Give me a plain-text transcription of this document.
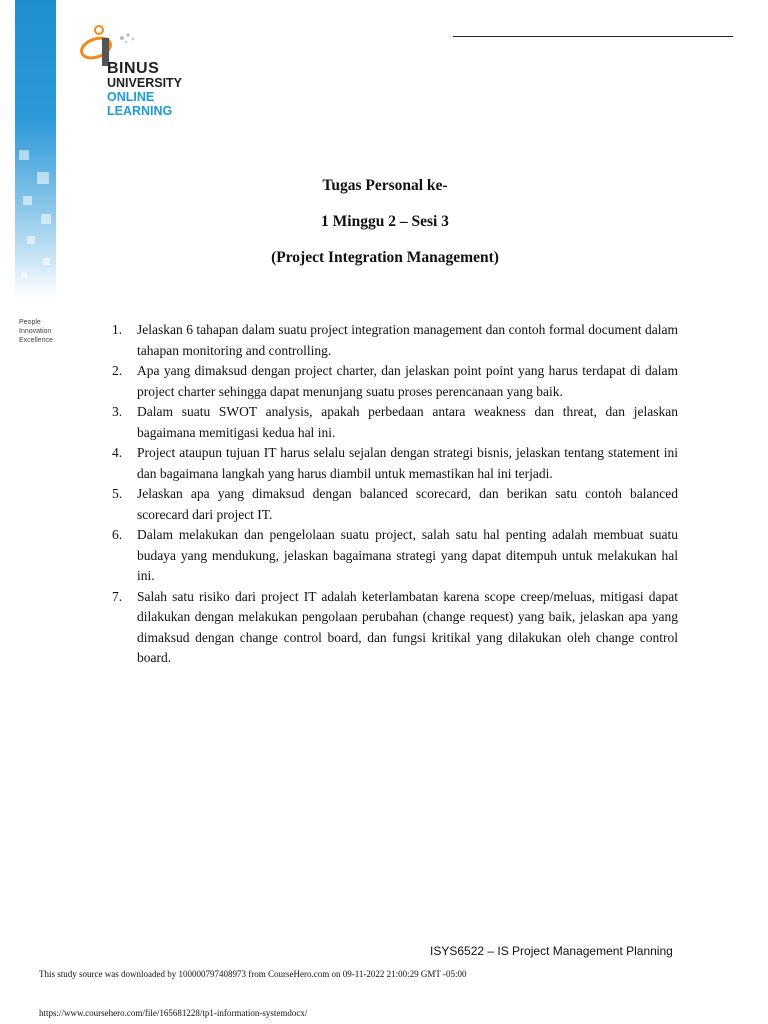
People
Innovation
Excellence
BINUS
UNIVERSITY
ONLINE
LEARNING
Tugas Personal ke-
1 Minggu 2 – Sesi 3
(Project Integration Management)
1. Jelaskan 6 tahapan dalam suatu project integration management dan contoh formal document dalam tahapan monitoring and controlling.
2. Apa yang dimaksud dengan project charter, dan jelaskan point point yang harus terdapat di dalam project charter sehingga dapat menunjang suatu proses perencanaan yang baik.
3. Dalam suatu SWOT analysis, apakah perbedaan antara weakness dan threat, dan jelaskan bagaimana memitigasi kedua hal ini.
4. Project ataupun tujuan IT harus selalu sejalan dengan strategi bisnis, jelaskan tentang statement ini dan bagaimana langkah yang harus diambil untuk memastikan hal ini terjadi.
5. Jelaskan apa yang dimaksud dengan balanced scorecard, dan berikan satu contoh balanced scorecard dari project IT.
6. Dalam melakukan dan pengelolaan suatu project, salah satu hal penting adalah membuat suatu budaya yang mendukung, jelaskan bagaimana strategi yang dapat ditempuh untuk melakukan hal ini.
7. Salah satu risiko dari project IT adalah keterlambatan karena scope creep/meluas, mitigasi dapat dilakukan dengan melakukan pengolaan perubahan (change request) yang baik, jelaskan apa yang dimaksud dengan change control board, dan fungsi kritikal yang dilakukan oleh change control board.
ISYS6522 – IS Project Management Planning
This study source was downloaded by 100000797408973 from CourseHero.com on 09-11-2022 21:00:29 GMT -05:00
https://www.coursehero.com/file/165681228/tp1-information-systemdocx/
